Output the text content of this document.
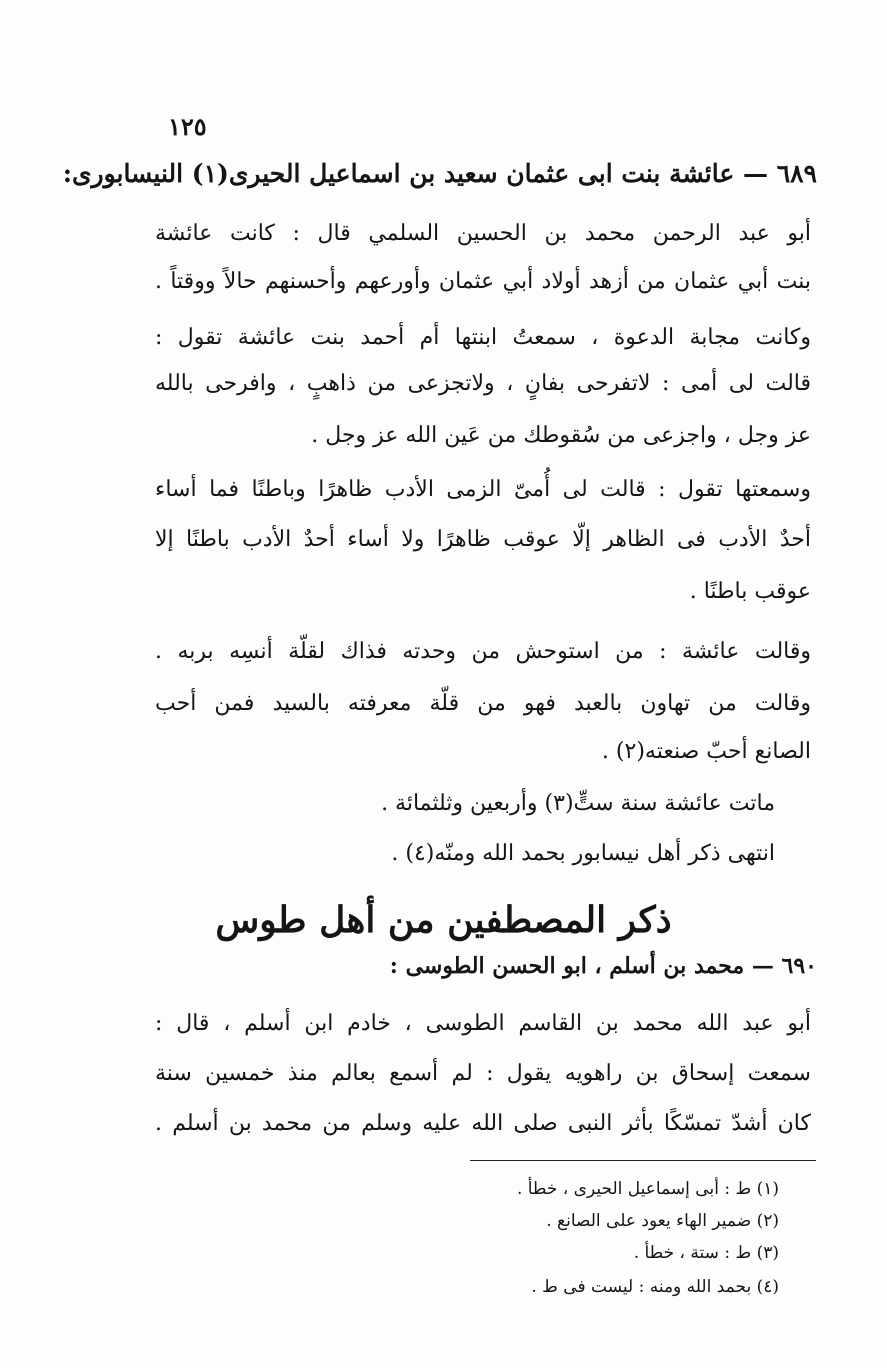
١٢٥
٦٨٩ — عائشة بنت ابى عثمان سعيد بن اسماعيل الحيرى(١) النيسابورى:
أبو عبد الرحمن محمد بن الحسين السلمي قال : كانت عائشة
بنت أبي عثمان من أزهد أولاد أبي عثمان وأورعهم وأحسنهم حالاً ووقتاً .
وكانت مجابة الدعوة ، سمعتُ ابنتها أم أحمد بنت عائشة تقول :
قالت لى أمى : لاتفرحى بفانٍ ، ولاتجزعى من ذاهبٍ ، وافرحى بالله
عز وجل ، واجزعى من سُقوطك من عَين الله عز وجل .
وسمعتها تقول : قالت لى أُمىّ الزمى الأدب ظاهرًا وباطنًا فما أساء
أحدٌ الأدب فى الظاهر إلّا عوقب ظاهرًا ولا أساء أحدٌ الأدب باطنًا إلا
عوقب باطنًا .
وقالت عائشة : من استوحش من وحدته فذاك لقلّة أنسِه بربه .
وقالت من تهاون بالعبد فهو من قلّة معرفته بالسيد فمن أحب
الصانع أحبّ صنعته(٢) .
ماتت عائشة سنة ستٍّ(٣) وأربعين وثلثمائة .
انتهى ذكر أهل نيسابور بحمد الله ومنّه(٤) .
ذكر المصطفين من أهل طوس
٦٩٠ — محمد بن أسلم ، ابو الحسن الطوسى :
أبو عبد الله محمد بن القاسم الطوسى ، خادم ابن أسلم ، قال :
سمعت إسحاق بن راهويه يقول : لم أسمع بعالم منذ خمسين سنة
كان أشدّ تمسّكًا بأثر النبى صلى الله عليه وسلم من محمد بن أسلم .
(١) ط : أبى إسماعيل الحيرى ، خطأ .
(٢) ضمير الهاء يعود على الصانع .
(٣) ط : ستة ، خطأ .
(٤) بحمد الله ومنه : ليست فى ط .
